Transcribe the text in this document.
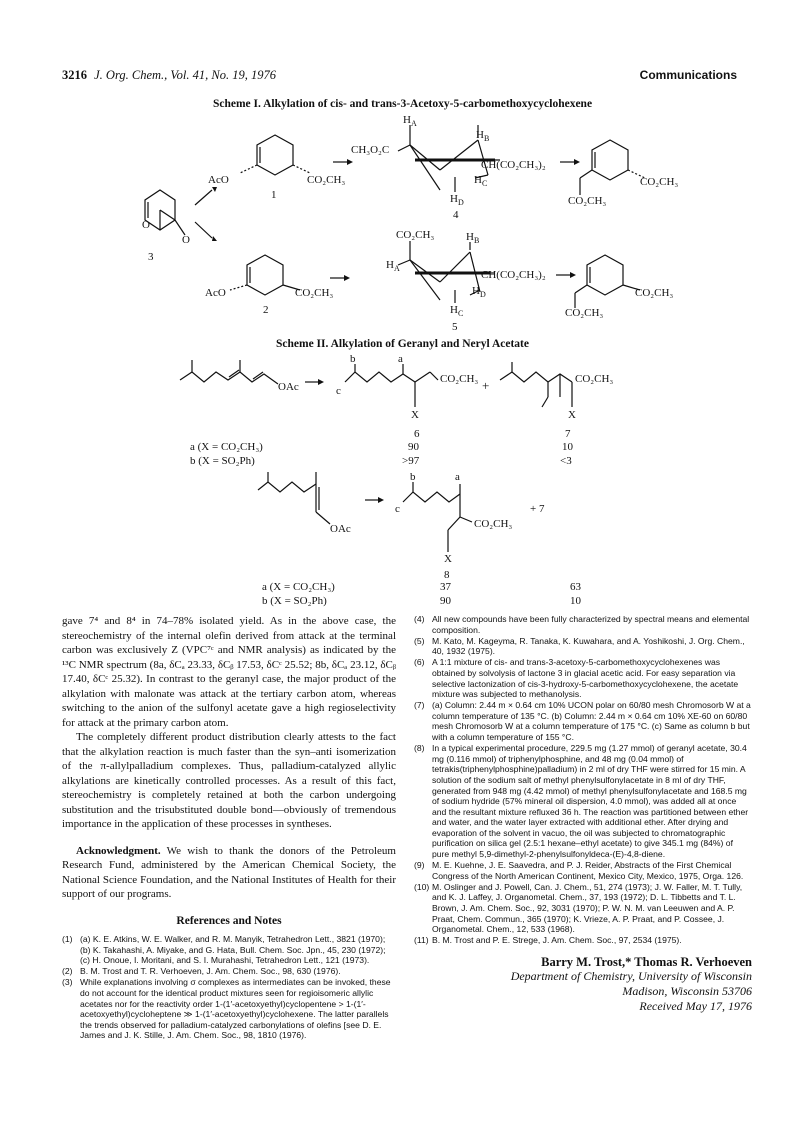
3216 J. Org. Chem., Vol. 41, No. 19, 1976	Communications
Scheme I. Alkylation of cis- and trans-3-Acetoxy-5-carbomethoxycyclohexene
AcO	CO₂CH₃
1
CH₃O₂C
$H_A$
$H_B$
CH(CO₂CH₃)₂
$H_C$
$H_D$
4
CO₂CH₃
CO₂CH₃
O
O
3
AcO	CO₂CH₃
2
CO₂CH₃
$H_A$
$H_B$
CH(CO₂CH₃)₂
$H_D$
$H_C$
5
CO₂CH₃
CO₂CH₃
Scheme II. Alkylation of Geranyl and Neryl Acetate
OAc
b	a
c
CO₂CH₃
X
6
+	CO₂CH₃
X
7
a (X = CO₂CH₃)	90	10
b (X = SO₂Ph)	>97	<3
OAc
b	a
c
CO₂CH₃
X
8
+ 7
a (X = CO₂CH₃)	37	63
b (X = SO₂Ph)	90	10

gave 7⁴ and 8⁴ in 74–78% isolated yield. As in the above case, the stereochemistry of the internal olefin derived from attack at the terminal carbon was exclusively Z (VPC⁷ᶜ and NMR analysis) as indicated by the ¹³C NMR spectrum (8a, δCₐ 23.33, δCᵦ 17.53, δCᶜ 25.52; 8b, δCₐ 23.12, δCᵦ 17.40, δCᶜ 25.32). In contrast to the geranyl case, the major product of the alkylation with malonate was attack at the tertiary carbon atom, whereas switching to the anion of the sulfonyl acetate gave a high regioselectivity for attack at the primary carbon atom.

The completely different product distribution clearly attests to the fact that the alkylation reaction is much faster than the syn–anti isomerization of the π-allylpalladium complexes. Thus, palladium-catalyzed allylic alkylations are kinetically controlled processes. As a result of this fact, stereochemistry is completely retained at both the carbon undergoing substitution and the trisubstituted double bond—obviously of tremendous importance in the application of these processes in syntheses.

Acknowledgment. We wish to thank the donors of the Petroleum Research Fund, administered by the American Chemical Society, the National Science Foundation, and the National Institutes of Health for their support of our programs.

References and Notes

(1) (a) K. E. Atkins, W. E. Walker, and R. M. Manyik, Tetrahedron Lett., 3821 (1970); (b) K. Takahashi, A. Miyake, and G. Hata, Bull. Chem. Soc. Jpn., 45, 230 (1972); (c) H. Onoue, I. Moritani, and S. I. Murahashi, Tetrahedron Lett., 121 (1973).

(2) B. M. Trost and T. R. Verhoeven, J. Am. Chem. Soc., 98, 630 (1976).

(3) While explanations involving σ complexes as intermediates can be invoked, these do not account for the identical product mixtures seen for regioisomeric allylic acetates nor for the reactivity order 1-(1′-acetoxyethyl)cyclopentene > 1-(1′-acetoxyethyl)cycloheptene ≫ 1-(1′-acetoxyethyl)cyclohexene. The latter parallels the trends observed for palladium-catalyzed carbonylations of olefins [see D. E. James and J. K. Stille, J. Am. Chem. Soc., 98, 1810 (1976).

(4) All new compounds have been fully characterized by spectral means and elemental composition.

(5) M. Kato, M. Kageyma, R. Tanaka, K. Kuwahara, and A. Yoshikoshi, J. Org. Chem., 40, 1932 (1975).

(6) A 1:1 mixture of cis- and trans-3-acetoxy-5-carbomethoxycyclohexenes was obtained by solvolysis of lactone 3 in glacial acetic acid. For easy separation via selective lactonization of cis-3-hydroxy-5-carbomethoxycyclohexene, the acetate mixture was subjected to methanolysis.

(7) (a) Column: 2.44 m × 0.64 cm 10% UCON polar on 60/80 mesh Chromosorb W at a column temperature of 135 °C. (b) Column: 2.44 m × 0.64 cm 10% XE-60 on 60/80 mesh Chromosorb W at a column temperature of 175 °C. (c) Same as column b but with a column temperature of 155 °C.

(8) In a typical experimental procedure, 229.5 mg (1.27 mmol) of geranyl acetate, 30.4 mg (0.116 mmol) of triphenylphosphine, and 48 mg (0.04 mmol) of tetrakis(triphenylphosphine)palladium) in 2 ml of dry THF were stirred for 15 min. A solution of the sodium salt of methyl phenylsulfonylacetate in 8 ml of dry THF, generated from 948 mg (4.42 mmol) of methyl phenylsulfonylacetate and 168.5 mg of sodium hydride (57% mineral oil dispersion, 4.0 mmol), was added all at once and the resultant mixture refluxed 36 h. The reaction was partitioned between ether and water, and the water layer extracted with additional ether. After drying and evaporation of the solvent in vacuo, the oil was subjected to chromatographic purification on silica gel (2.5:1 hexane–ethyl acetate) to give 345.1 mg (84%) of pure methyl 5,9-dimethyl-2-phenylsulfonyldeca-(E)-4,8-diene.

(9) M. E. Kuehne, J. E. Saavedra, and P. J. Reider, Abstracts of the First Chemical Congress of the North American Continent, Mexico City, Mexico, 1975, Orga. 126.

(10) M. Oslinger and J. Powell, Can. J. Chem., 51, 274 (1973); J. W. Faller, M. T. Tully, and K. J. Laffey, J. Organometal. Chem., 37, 193 (1972); D. L. Tibbetts and T. L. Brown, J. Am. Chem. Soc., 92, 3031 (1970); P. W. N. M. van Leeuwen and A. P. Praat, Chem. Commun., 365 (1970); K. Vrieze, A. P. Praat, and P. Cossee, J. Organometal. Chem., 12, 533 (1968).

(11) B. M. Trost and P. E. Strege, J. Am. Chem. Soc., 97, 2534 (1975).

Barry M. Trost,* Thomas R. Verhoeven

Department of Chemistry, University of Wisconsin

Madison, Wisconsin 53706

Received May 17, 1976
